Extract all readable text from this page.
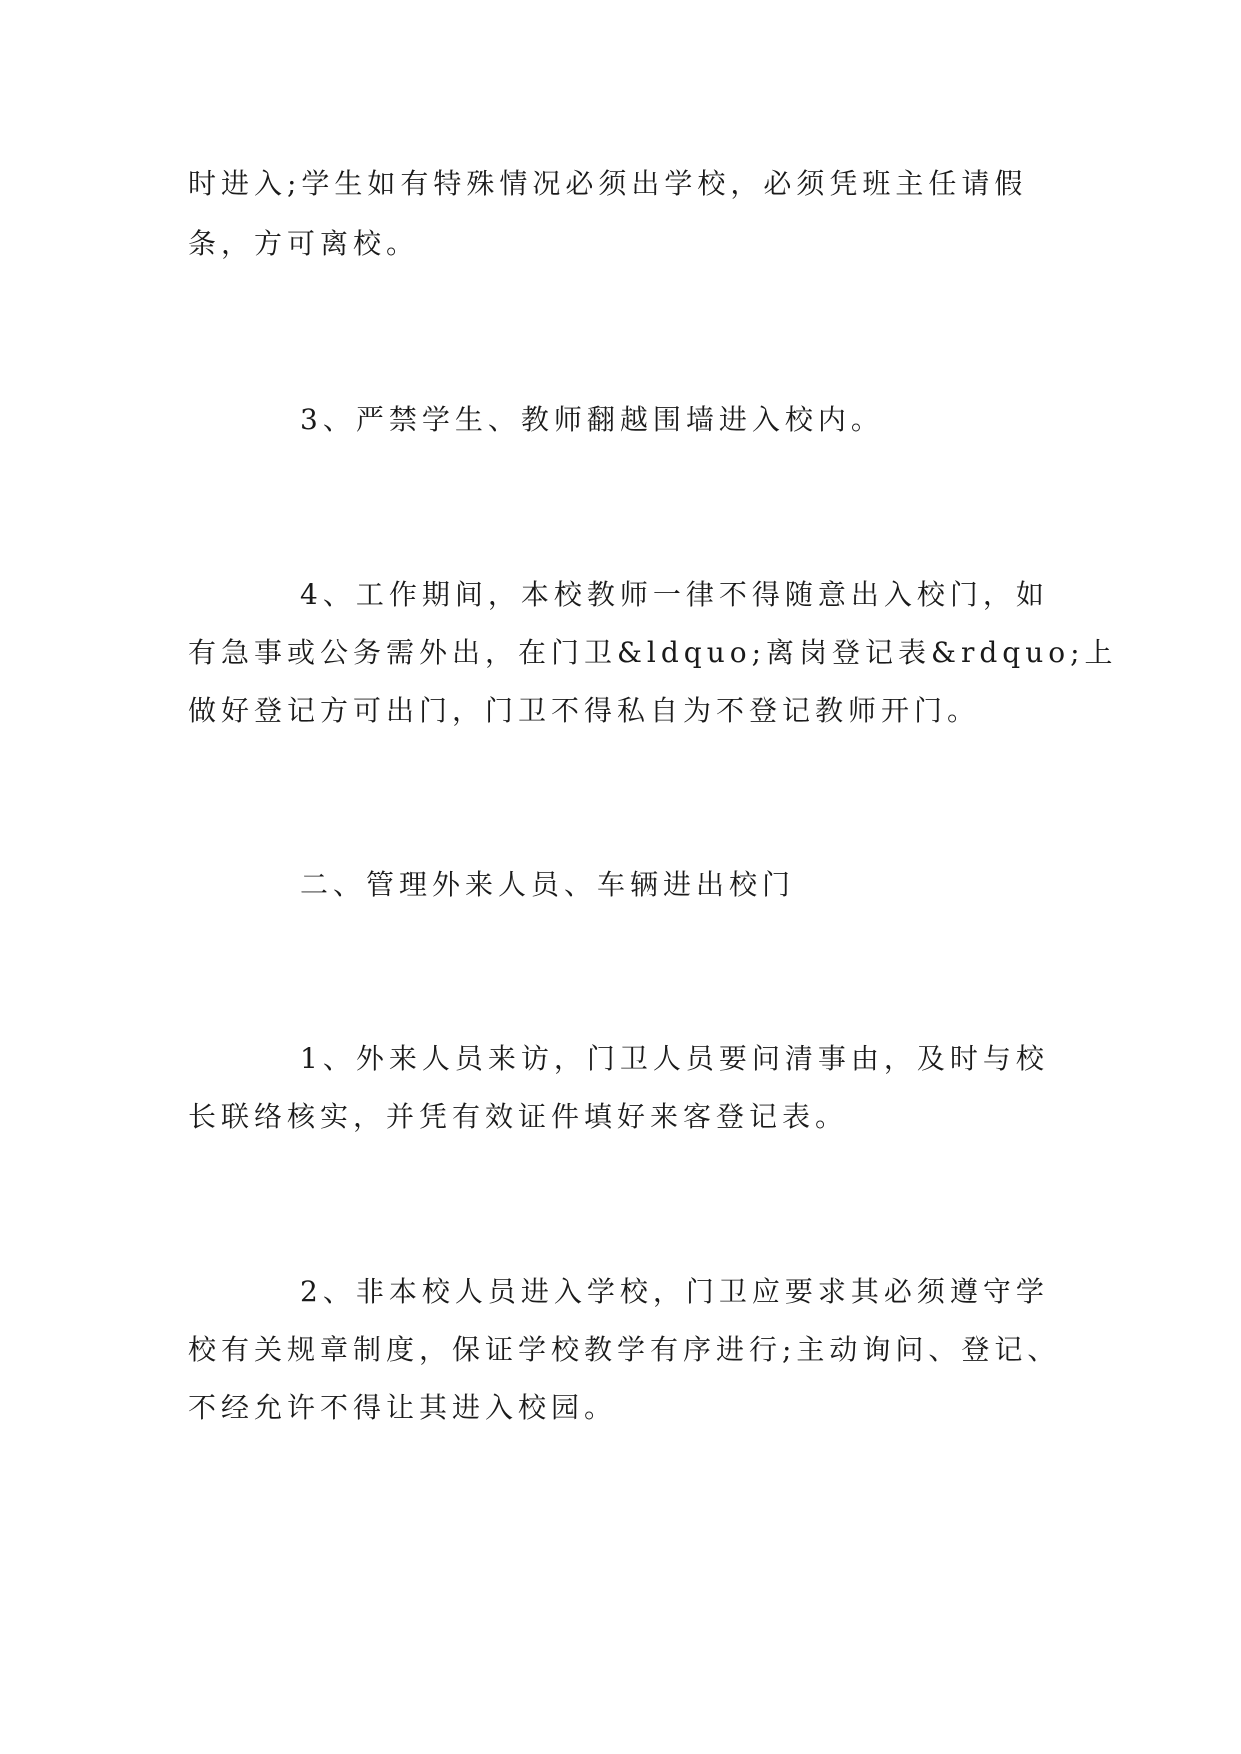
时进入;学生如有特殊情况必须出学校，必须凭班主任请假
条，方可离校。
3、严禁学生、教师翻越围墙进入校内。
4、工作期间，本校教师一律不得随意出入校门，如
有急事或公务需外出，在门卫&ldquo;离岗登记表&rdquo;上
做好登记方可出门，门卫不得私自为不登记教师开门。
二、管理外来人员、车辆进出校门
1、外来人员来访，门卫人员要问清事由，及时与校
长联络核实，并凭有效证件填好来客登记表。
2、非本校人员进入学校，门卫应要求其必须遵守学
校有关规章制度，保证学校教学有序进行;主动询问、登记、
不经允许不得让其进入校园。
